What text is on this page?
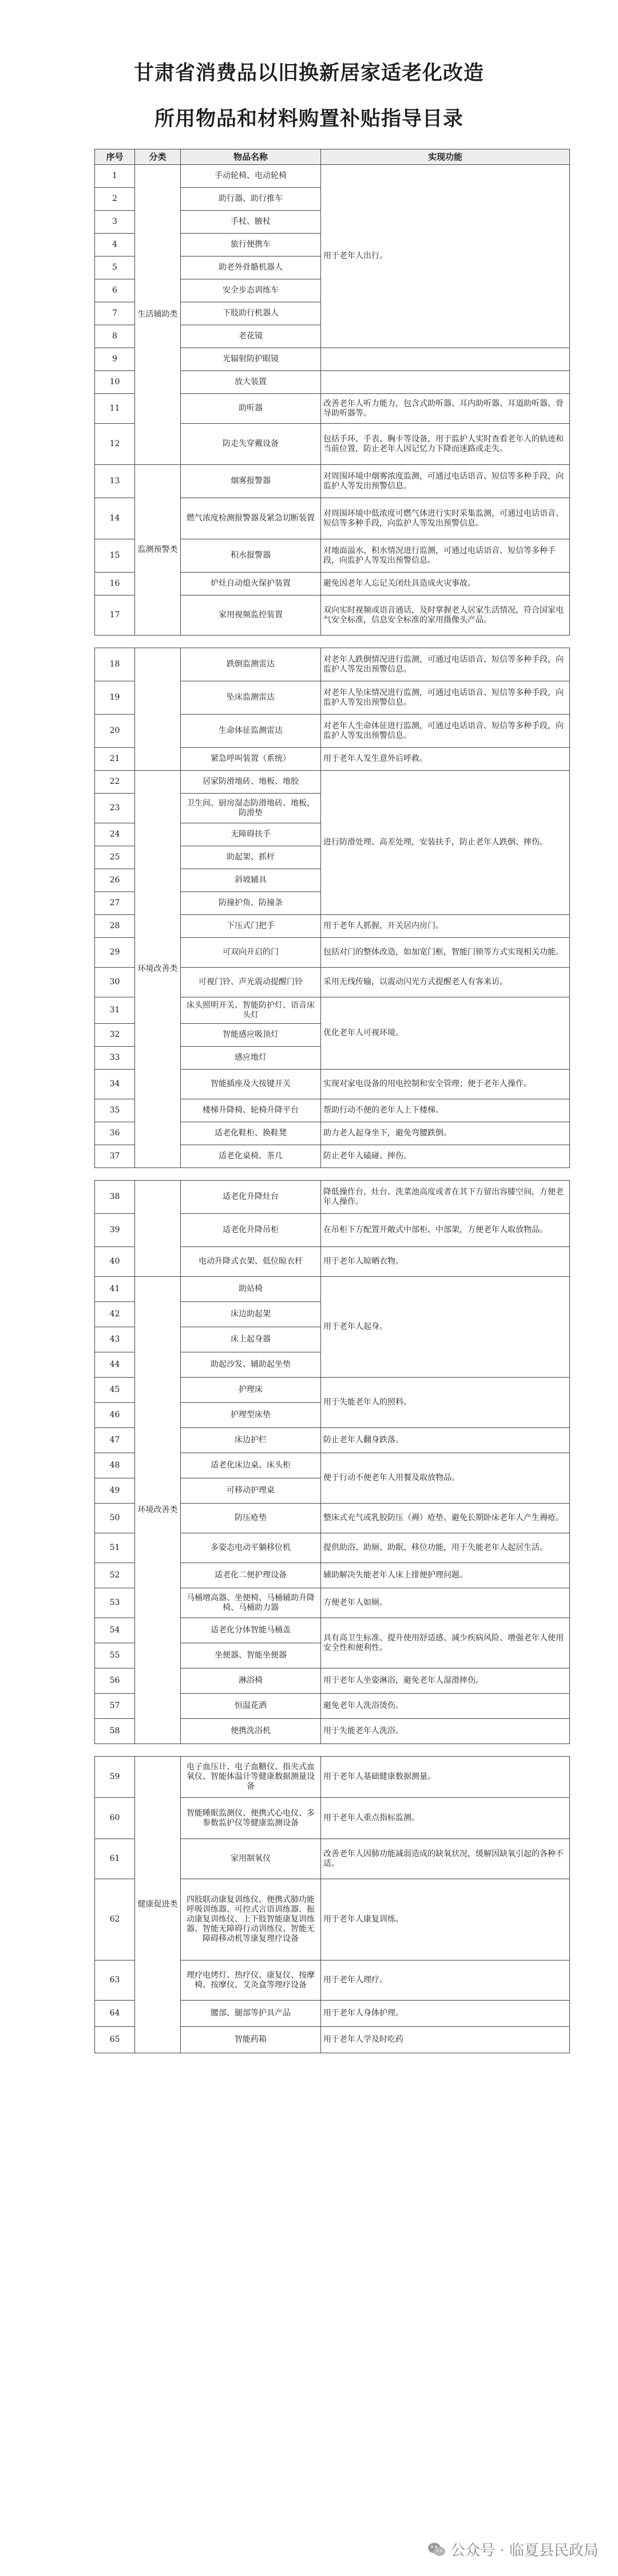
甘肃省消费品以旧换新居家适老化改造
所用物品和材料购置补贴指导目录
序号	分类	物品名称	实现功能
1	生活辅助类	手动轮椅、电动轮椅	用于老年人出行。
2		助行器、助行推车	
3		手杖、腋杖	
4		旅行便携车	
5		助老外骨骼机器人	
6		安全步态训练车	
7		下肢助行机器人	
8		老花镜	
9		光辐射防护眼镜	
10		放大装置	
11		助听器	改善老年人听力能力，包含式助听器、耳内助听器、耳道助听器、骨导助听器等。
12		防走失穿戴设备	包括手环、手表、胸卡等设备，用于监护人实时查看老年人的轨迹和当前位置，防止老年人因记忆力下降而迷路或走失。
13	监测预警类	烟雾报警器	对周围环境中烟雾浓度监测，可通过电话语音、短信等多种手段，向监护人等发出预警信息。
14		燃气浓度检测报警器及紧急切断装置	对周围环境中低浓度可燃气体进行实时采集监测，可通过电话语音、短信等多种手段，向监护人等发出预警信息。
15		积水报警器	对地面溢水、积水情况进行监测，可通过电话语音、短信等多种手段，向监护人等发出预警信息。
16		炉灶自动熄火保护装置	避免因老年人忘记关闭灶具造成火灾事故。
17		家用视频监控装置	双向实时视频或语音通话，及时掌握老人居家生活情况，符合国家电气安全标准，信息安全标准的家用摄像头产品。

18		跌倒监测雷达	对老年人跌倒情况进行监测，可通过电话语音、短信等多种手段，向监护人等发出预警信息。
19		坠床监测雷达	对老年人坠床情况进行监测，可通过电话语音、短信等多种手段，向监护人等发出预警信息。
20		生命体征监测雷达	对老年人生命体征进行监测，可通过电话语音、短信等多种手段，向监护人等发出预警信息。
21		紧急呼叫装置（系统）	用于老年人发生意外后呼救。
22	环境改善类	居家防滑地砖、地板、地胶	进行防滑处理、高差处理，安装扶手，防止老年人跌倒、摔伤。
23		卫生间、厨房湿态防滑地砖、地板，防滑垫	
24		无障碍扶手	
25		助起架、抓杆	
26		斜坡辅具	
27		防撞护角、防撞条	
28		下压式门把手	用于老年人抓握，开关居内房门。
29		可双向开启的门	包括对门的整体改造，如加宽门框，智能门锁等方式实现相关功能。
30		可视门铃、声光震动提醒门铃	采用无线传输，以震动闪光方式提醒老人有客来访。
31		床头照明开关、智能防护灯、语音床头灯	优化老年人可视环境。
32		智能感应吸顶灯	
33		感应地灯	
34		智能插座及大按键开关	实现对家电设备的用电控制和安全管理；便于老年人操作。
35		楼梯升降椅、轮椅升降平台	帮助行动不便的老年人上下楼梯。
36		适老化鞋柜、换鞋凳	助力老人起身坐下，避免弯腰跌倒。
37		适老化桌椅、茶几	防止老年人磕碰、摔伤。

38		适老化升降灶台	降低操作台，灶台、洗菜池高度或者在其下方留出容膝空间，方便老年人操作。
39		适老化升降吊柜	在吊柜下方配置开敞式中部柜、中部架，方便老年人取放物品。
40		电动升降式衣架、低位晾衣杆	用于老年人晾晒衣物。
41	环境改善类	助站椅	用于老年人起身。
42		床边助起架	
43		床上起身器	
44		助起沙发、辅助起坐垫	
45		护理床	用于失能老年人的照料。
46		护理型床垫	
47		床边护栏	防止老年人翻身跌落。
48		适老化床边桌、床头柜	便于行动不便老年人用餐及取放物品。
49		可移动护理桌	
50		防压疮垫	整床式充气或乳胶防压（褥）疮垫、避免长期卧床老年人产生褥疮。
51		多姿态电动平躺移位机	提供助浴、助厕、助眠、移位功能，用于失能老年人起居生活。
52		适老化二便护理设备	辅助解决失能老年人床上排便护理问题。
53		马桶增高器、坐便椅、马桶辅助升降椅、马桶助力器	方便老年人如厕。
54		适老化分体智能马桶盖	具有高卫生标准、提升使用舒适感、减少疾病风险、增强老年人使用安全性和便利性。
55		坐便器、智能坐便器	
56		淋浴椅	用于老年人坐姿淋浴，避免老年人湿滑摔伤。
57		恒温花洒	避免老年人洗浴烫伤。
58		便携洗浴机	用于失能老年人洗浴。

59	健康促进类	电子血压计、电子血糖仪、指夹式血氧仪、智能体温计等健康数据测量设备	用于老年人基础健康数据测量。
60		智能睡眠监测仪、便携式心电仪、多参数监护仪等健康监测设备	用于老年人重点指标监测。
61		家用制氧仪	改善老年人因肺功能减弱造成的缺氧状况，缓解因缺氧引起的各种不适。
62		四肢联动康复训练仪、便携式肺功能呼吸训练器、可控式言语训练器、振动康复训练仪、上下肢智能康复训练器、智能无障碍行动训练仪、智能无障碍移动机等康复理疗设备	用于老年人康复训练。
63		理疗电烤灯、热疗仪、康复仪、按摩椅、按摩仪、艾灸盒等理疗设备	用于老年人理疗。
64		腰部、腿部等护具产品	用于老年人身体护理。
65		智能药箱	用于老年人学及时吃药
公众号 · 临夏县民政局
